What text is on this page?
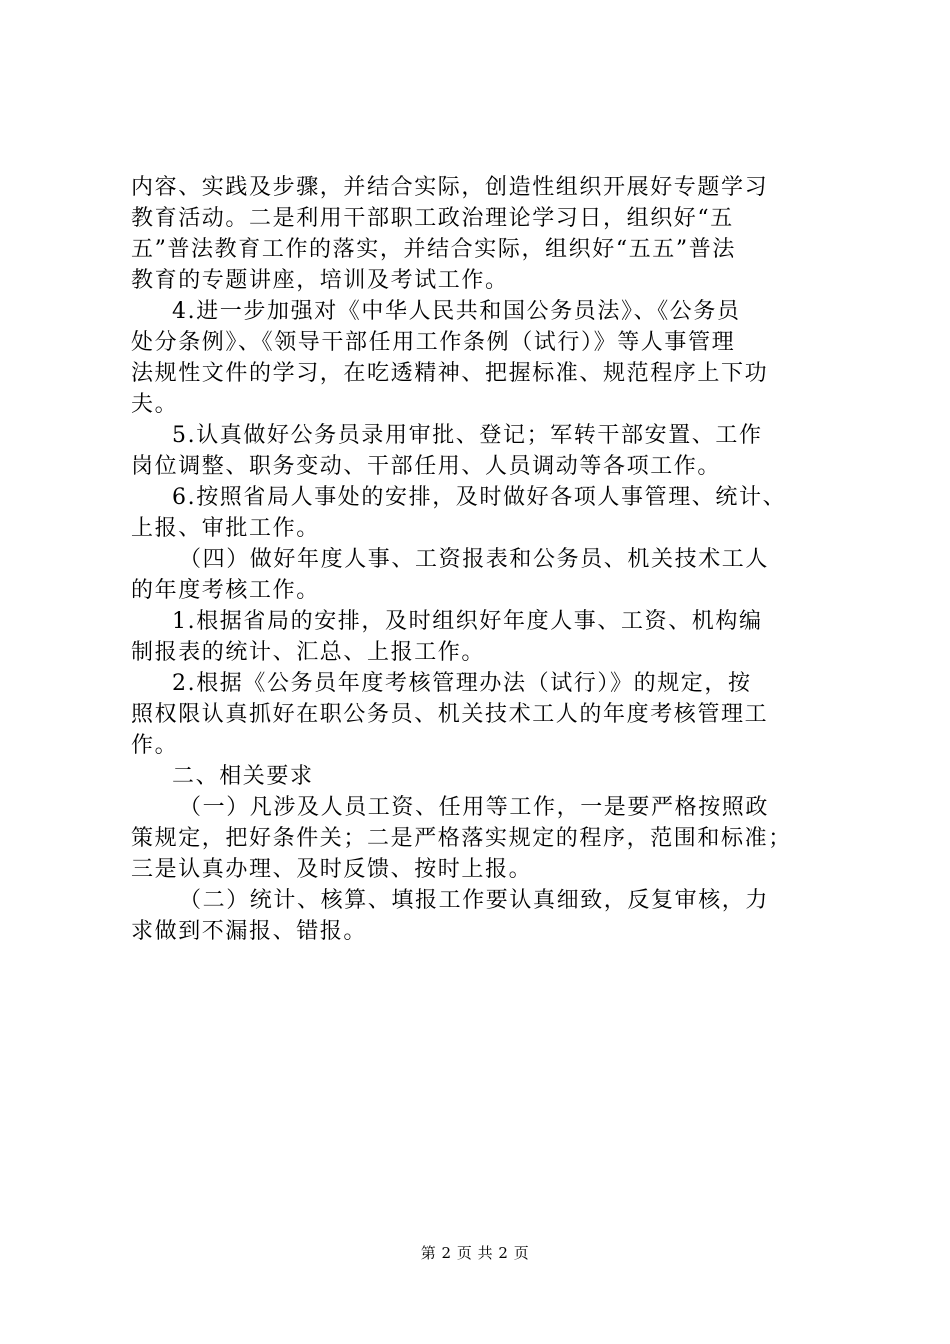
内容、实践及步骤，并结合实际，创造性组织开展好专题学习
教育活动。二是利用干部职工政治理论学习日，组织好“五
五”普法教育工作的落实，并结合实际，组织好“五五”普法
教育的专题讲座，培训及考试工作。
4.进一步加强对《中华人民共和国公务员法》、《公务员
处分条例》、《领导干部任用工作条例（试行）》等人事管理
法规性文件的学习，在吃透精神、把握标准、规范程序上下功
夫。
5.认真做好公务员录用审批、登记；军转干部安置、工作
岗位调整、职务变动、干部任用、人员调动等各项工作。
6.按照省局人事处的安排，及时做好各项人事管理、统计、
上报、审批工作。
（四）做好年度人事、工资报表和公务员、机关技术工人
的年度考核工作。
1.根据省局的安排，及时组织好年度人事、工资、机构编
制报表的统计、汇总、上报工作。
2.根据《公务员年度考核管理办法（试行）》的规定，按
照权限认真抓好在职公务员、机关技术工人的年度考核管理工
作。
二、相关要求
（一）凡涉及人员工资、任用等工作，一是要严格按照政
策规定，把好条件关；二是严格落实规定的程序，范围和标准；
三是认真办理、及时反馈、按时上报。
（二）统计、核算、填报工作要认真细致，反复审核，力
求做到不漏报、错报。
第 2 页 共 2 页
